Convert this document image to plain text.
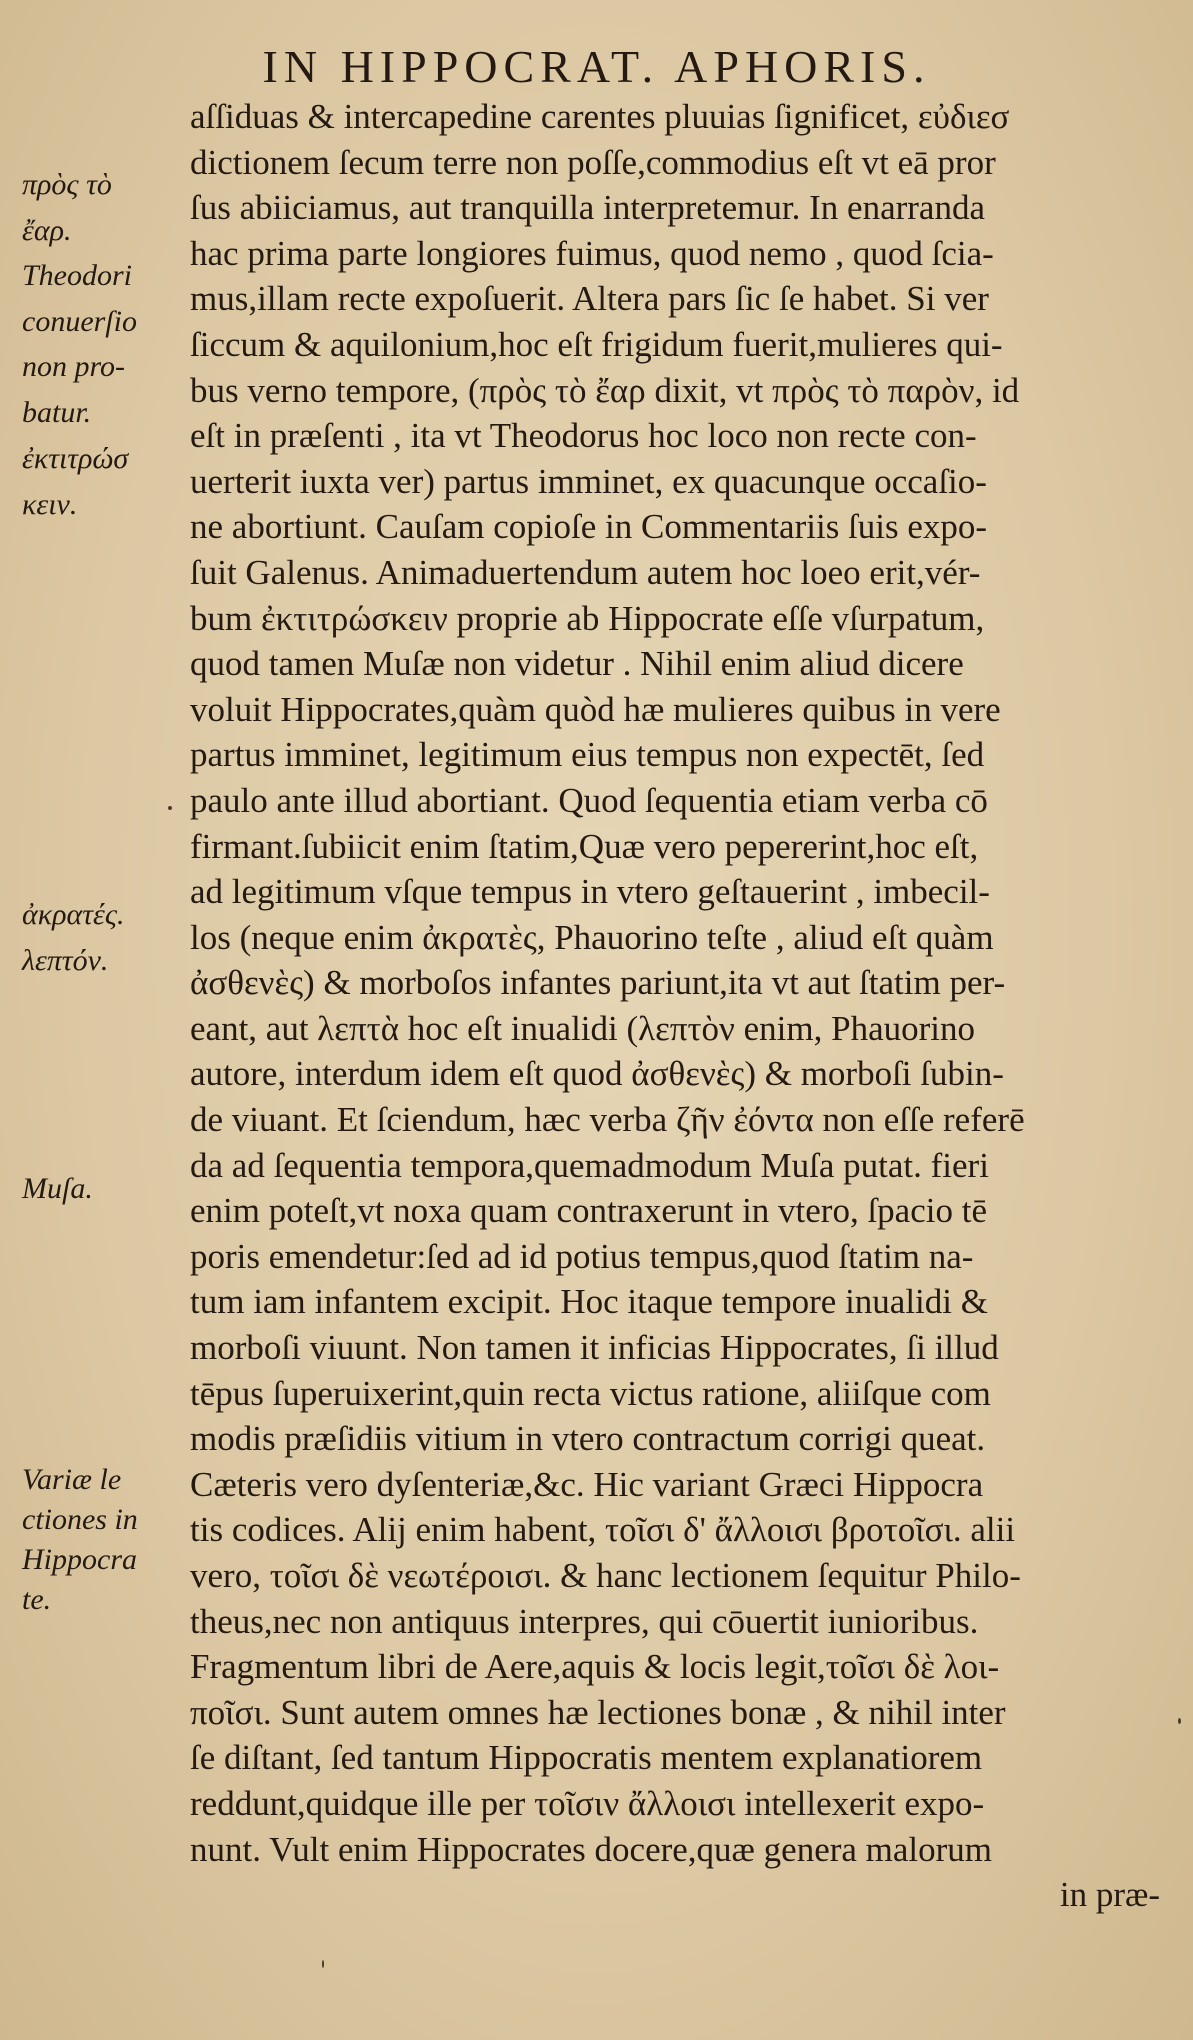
IN HIPPOCRAT. APHORIS.
aſſiduas & intercapedine carentes pluuias ſignificet, εὐδιεσ
dictionem ſecum terre non poſſe,commodius eſt vt eā pror
ſus abiiciamus, aut tranquilla interpretemur. In enarranda
hac prima parte longiores fuimus, quod nemo , quod ſcia-
mus,illam recte expoſuerit. Altera pars ſic ſe habet. Si ver
ſiccum & aquilonium,hoc eſt frigidum fuerit,mulieres qui-
bus verno tempore, (πρὸς τὸ ἔαρ dixit, vt πρὸς τὸ παρὸν, id
eſt in præſenti , ita vt Theodorus hoc loco non recte con-
uerterit iuxta ver) partus imminet, ex quacunque occaſio-
ne abortiunt. Cauſam copioſe in Commentariis ſuis expo-
ſuit Galenus. Animaduertendum autem hoc loeo erit,vér-
bum ἐκτιτρώσκειν proprie ab Hippocrate eſſe vſurpatum,
quod tamen Muſæ non videtur . Nihil enim aliud dicere
voluit Hippocrates,quàm quòd hæ mulieres quibus in vere
partus imminet, legitimum eius tempus non expectēt, ſed
paulo ante illud abortiant. Quod ſequentia etiam verba cō
firmant.ſubiicit enim ſtatim,Quæ vero pepererint,hoc eſt,
ad legitimum vſque tempus in vtero geſtauerint , imbecil-
los (neque enim ἀκρατὲς, Phauorino teſte , aliud eſt quàm
ἀσθενὲς) & morboſos infantes pariunt,ita vt aut ſtatim per-
eant, aut λεπτὰ hoc eſt inualidi (λεπτὸν enim, Phauorino
autore, interdum idem eſt quod ἀσθενὲς) & morboſi ſubin-
de viuant. Et ſciendum, hæc verba ζῆν ἐόντα non eſſe referē
da ad ſequentia tempora,quemadmodum Muſa putat. fieri
enim poteſt,vt noxa quam contraxerunt in vtero, ſpacio tē
poris emendetur:ſed ad id potius tempus,quod ſtatim na-
tum iam infantem excipit. Hoc itaque tempore inualidi &
morboſi viuunt. Non tamen it inficias Hippocrates, ſi illud
tēpus ſuperuixerint,quin recta victus ratione, aliiſque com
modis præſidiis vitium in vtero contractum corrigi queat.
Cæteris vero dyſenteriæ,&c. Hic variant Græci Hippocra
tis codices. Alij enim habent, τοῖσι δ' ἄλλοισι βροτοῖσι. alii
vero, τοῖσι δὲ νεωτέροισι. & hanc lectionem ſequitur Philo-
theus,nec non antiquus interpres, qui cōuertit iunioribus.
Fragmentum libri de Aere,aquis & locis legit,τοῖσι δὲ λοι-
ποῖσι. Sunt autem omnes hæ lectiones bonæ , & nihil inter
ſe diſtant, ſed tantum Hippocratis mentem explanatiorem
reddunt,quidque ille per τοῖσιν ἄλλοισι intellexerit expo-
nunt. Vult enim Hippocrates docere,quæ genera malorum
in præ-
πρὸς τὸ
ἔαρ.
Theodori
conuerſio
non pro-
batur.
ἐκτιτρώσ
κειν.
ἀκρατές.
λεπτόν.
Muſa.
Variæ le
ctiones in
Hippocra
te.
